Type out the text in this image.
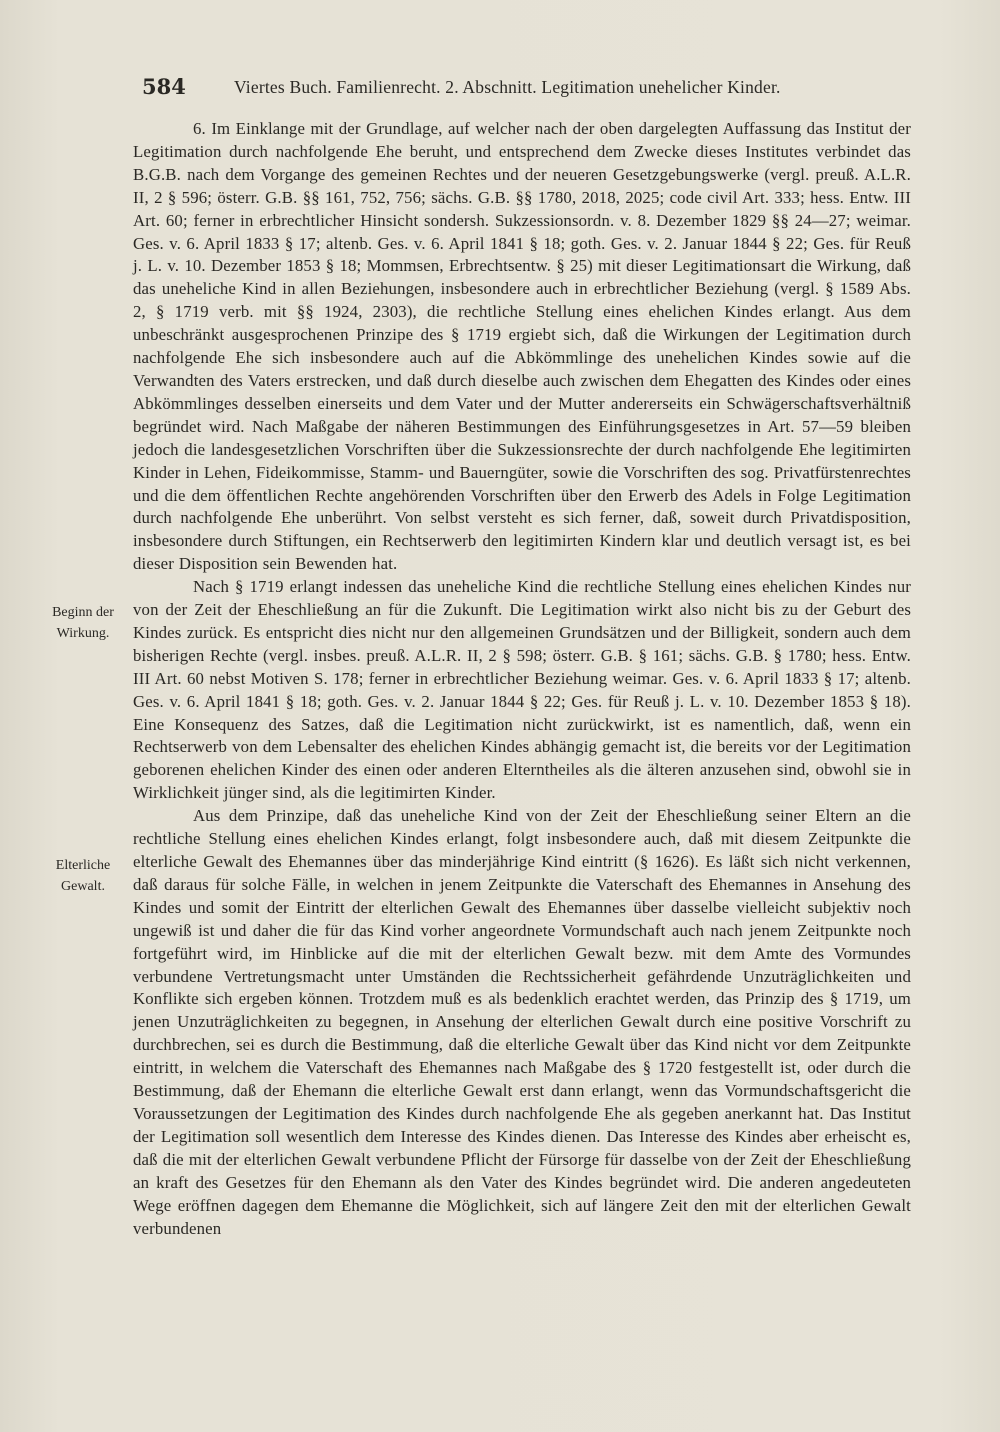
584	Viertes Buch. Familienrecht. 2. Abschnitt. Legitimation unehelicher Kinder.
Beginn der Wirkung.
Elterliche Gewalt.

6. Im Einklange mit der Grundlage, auf welcher nach der oben dargelegten Auffassung das Institut der Legitimation durch nachfolgende Ehe beruht, und entsprechend dem Zwecke dieses Institutes verbindet das B.G.B. nach dem Vorgange des gemeinen Rechtes und der neueren Gesetzgebungswerke (vergl. preuß. A.L.R. II, 2 § 596; österr. G.B. §§ 161, 752, 756; sächs. G.B. §§ 1780, 2018, 2025; code civil Art. 333; hess. Entw. III Art. 60; ferner in erbrechtlicher Hinsicht sondersh. Sukzessionsordn. v. 8. Dezember 1829 §§ 24—27; weimar. Ges. v. 6. April 1833 § 17; altenb. Ges. v. 6. April 1841 § 18; goth. Ges. v. 2. Januar 1844 § 22; Ges. für Reuß j. L. v. 10. Dezember 1853 § 18; Mommsen, Erbrechtsentw. § 25) mit dieser Legitimationsart die Wirkung, daß das uneheliche Kind in allen Beziehungen, insbesondere auch in erbrechtlicher Beziehung (vergl. § 1589 Abs. 2, § 1719 verb. mit §§ 1924, 2303), die rechtliche Stellung eines ehelichen Kindes erlangt. Aus dem unbeschränkt ausgesprochenen Prinzipe des § 1719 ergiebt sich, daß die Wirkungen der Legitimation durch nachfolgende Ehe sich insbesondere auch auf die Abkömmlinge des unehelichen Kindes sowie auf die Verwandten des Vaters erstrecken, und daß durch dieselbe auch zwischen dem Ehegatten des Kindes oder eines Abkömmlinges desselben einerseits und dem Vater und der Mutter andererseits ein Schwägerschaftsverhältniß begründet wird. Nach Maßgabe der näheren Bestimmungen des Einführungsgesetzes in Art. 57—59 bleiben jedoch die landesgesetzlichen Vorschriften über die Sukzessionsrechte der durch nachfolgende Ehe legitimirten Kinder in Lehen, Fideikommisse, Stamm- und Bauerngüter, sowie die Vorschriften des sog. Privatfürstenrechtes und die dem öffentlichen Rechte angehörenden Vorschriften über den Erwerb des Adels in Folge Legitimation durch nachfolgende Ehe unberührt. Von selbst versteht es sich ferner, daß, soweit durch Privatdisposition, insbesondere durch Stiftungen, ein Rechtserwerb den legitimirten Kindern klar und deutlich versagt ist, es bei dieser Disposition sein Bewenden hat.

Nach § 1719 erlangt indessen das uneheliche Kind die rechtliche Stellung eines ehelichen Kindes nur von der Zeit der Eheschließung an für die Zukunft. Die Legitimation wirkt also nicht bis zu der Geburt des Kindes zurück. Es entspricht dies nicht nur den allgemeinen Grundsätzen und der Billigkeit, sondern auch dem bisherigen Rechte (vergl. insbes. preuß. A.L.R. II, 2 § 598; österr. G.B. § 161; sächs. G.B. § 1780; hess. Entw. III Art. 60 nebst Motiven S. 178; ferner in erbrechtlicher Beziehung weimar. Ges. v. 6. April 1833 § 17; altenb. Ges. v. 6. April 1841 § 18; goth. Ges. v. 2. Januar 1844 § 22; Ges. für Reuß j. L. v. 10. Dezember 1853 § 18). Eine Konsequenz des Satzes, daß die Legitimation nicht zurückwirkt, ist es namentlich, daß, wenn ein Rechtserwerb von dem Lebensalter des ehelichen Kindes abhängig gemacht ist, die bereits vor der Legitimation geborenen ehelichen Kinder des einen oder anderen Elterntheiles als die älteren anzusehen sind, obwohl sie in Wirklichkeit jünger sind, als die legitimirten Kinder.

Aus dem Prinzipe, daß das uneheliche Kind von der Zeit der Eheschließung seiner Eltern an die rechtliche Stellung eines ehelichen Kindes erlangt, folgt insbesondere auch, daß mit diesem Zeitpunkte die elterliche Gewalt des Ehemannes über das minderjährige Kind eintritt (§ 1626). Es läßt sich nicht verkennen, daß daraus für solche Fälle, in welchen in jenem Zeitpunkte die Vaterschaft des Ehemannes in Ansehung des Kindes und somit der Eintritt der elterlichen Gewalt des Ehemannes über dasselbe vielleicht subjektiv noch ungewiß ist und daher die für das Kind vorher angeordnete Vormundschaft auch nach jenem Zeitpunkte noch fortgeführt wird, im Hinblicke auf die mit der elterlichen Gewalt bezw. mit dem Amte des Vormundes verbundene Vertretungsmacht unter Umständen die Rechtssicherheit gefährdende Unzuträglichkeiten und Konflikte sich ergeben können. Trotzdem muß es als bedenklich erachtet werden, das Prinzip des § 1719, um jenen Unzuträglichkeiten zu begegnen, in Ansehung der elterlichen Gewalt durch eine positive Vorschrift zu durchbrechen, sei es durch die Bestimmung, daß die elterliche Gewalt über das Kind nicht vor dem Zeitpunkte eintritt, in welchem die Vaterschaft des Ehemannes nach Maßgabe des § 1720 festgestellt ist, oder durch die Bestimmung, daß der Ehemann die elterliche Gewalt erst dann erlangt, wenn das Vormundschaftsgericht die Voraussetzungen der Legitimation des Kindes durch nachfolgende Ehe als gegeben anerkannt hat. Das Institut der Legitimation soll wesentlich dem Interesse des Kindes dienen. Das Interesse des Kindes aber erheischt es, daß die mit der elterlichen Gewalt verbundene Pflicht der Fürsorge für dasselbe von der Zeit der Eheschließung an kraft des Gesetzes für den Ehemann als den Vater des Kindes begründet wird. Die anderen angedeuteten Wege eröffnen dagegen dem Ehemanne die Möglichkeit, sich auf längere Zeit den mit der elterlichen Gewalt verbundenen
